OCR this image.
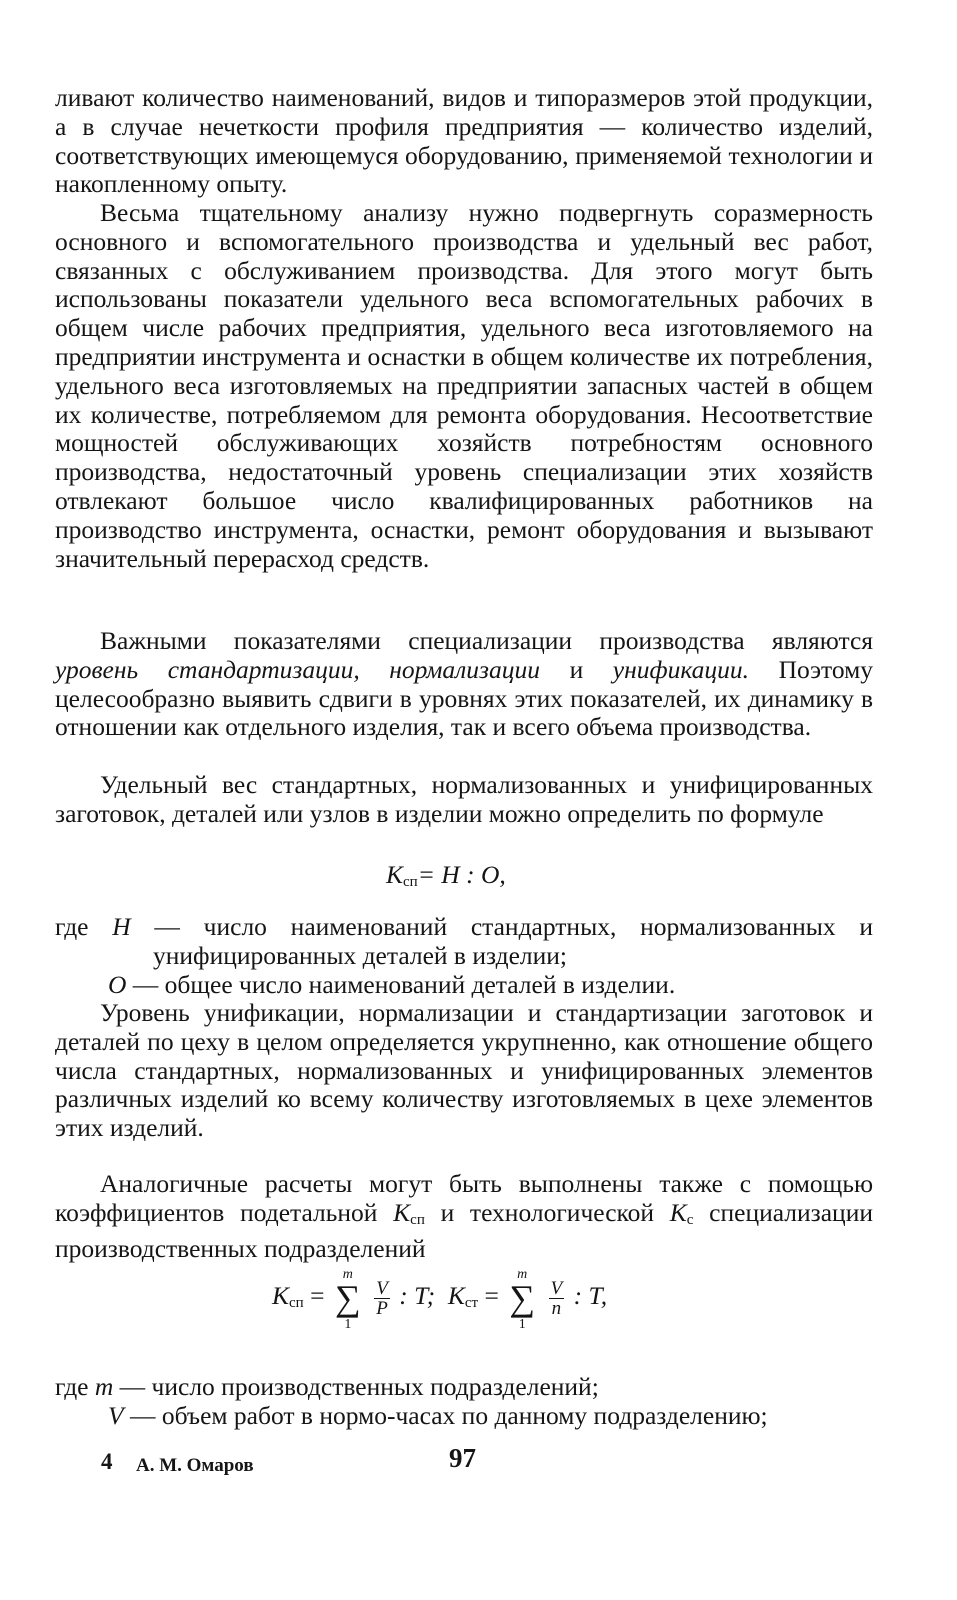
ливают количество наименований, видов и типоразмеров этой продукции, а в случае нечеткости профиля предприятия — количество изделий, соответствующих имеющемуся оборудованию, применяемой технологии и накопленному опыту.
Весьма тщательному анализу нужно подвергнуть соразмерность основного и вспомогательного производства и удельный вес работ, связанных с обслуживанием производства. Для этого могут быть использованы показатели удельного веса вспомогательных рабочих в общем числе рабочих предприятия, удельного веса изготовляемого на предприятии инструмента и оснастки в общем количестве их потребления, удельного веса изготовляемых на предприятии запасных частей в общем их количестве, потребляемом для ремонта оборудования. Несоответствие мощностей обслуживающих хозяйств потребностям основного производства, недостаточный уровень специализации этих хозяйств отвлекают большое число квалифицированных работников на производство инструмента, оснастки, ремонт оборудования и вызывают значительный перерасход средств.
Важными показателями специализации производства являются уровень стандартизации, нормализации и унификации. Поэтому целесообразно выявить сдвиги в уровнях этих показателей, их динамику в отношении как отдельного изделия, так и всего объема производства.
Удельный вес стандартных, нормализованных и унифицированных заготовок, деталей или узлов в изделии можно определить по формуле
$K_{сп}= H$ : O,
где H — число наименований стандартных, нормализованных и унифицированных деталей в изделии;
O — общее число наименований деталей в изделии.
Уровень унификации, нормализации и стандартизации заготовок и деталей по цеху в целом определяется укрупненно, как отношение общего числа стандартных, нормализованных и унифицированных элементов различных изделий ко всему количеству изготовляемых в цехе элементов этих изделий.
Аналогичные расчеты могут быть выполнены также с помощью коэффициентов подетальной $K_{сп}$ и технологической $K_с$ специализации производственных подразделений
$K_{сп}$ =
m
∑
1

$\frac{V}{P}$ : T; $K_{ст}$ =
m
∑
1

$\frac{V}{n}$ : T,
где m — число производственных подразделений;
V — объем работ в нормо-часах по данному подразделению;
4 А. М. Омаров	97
